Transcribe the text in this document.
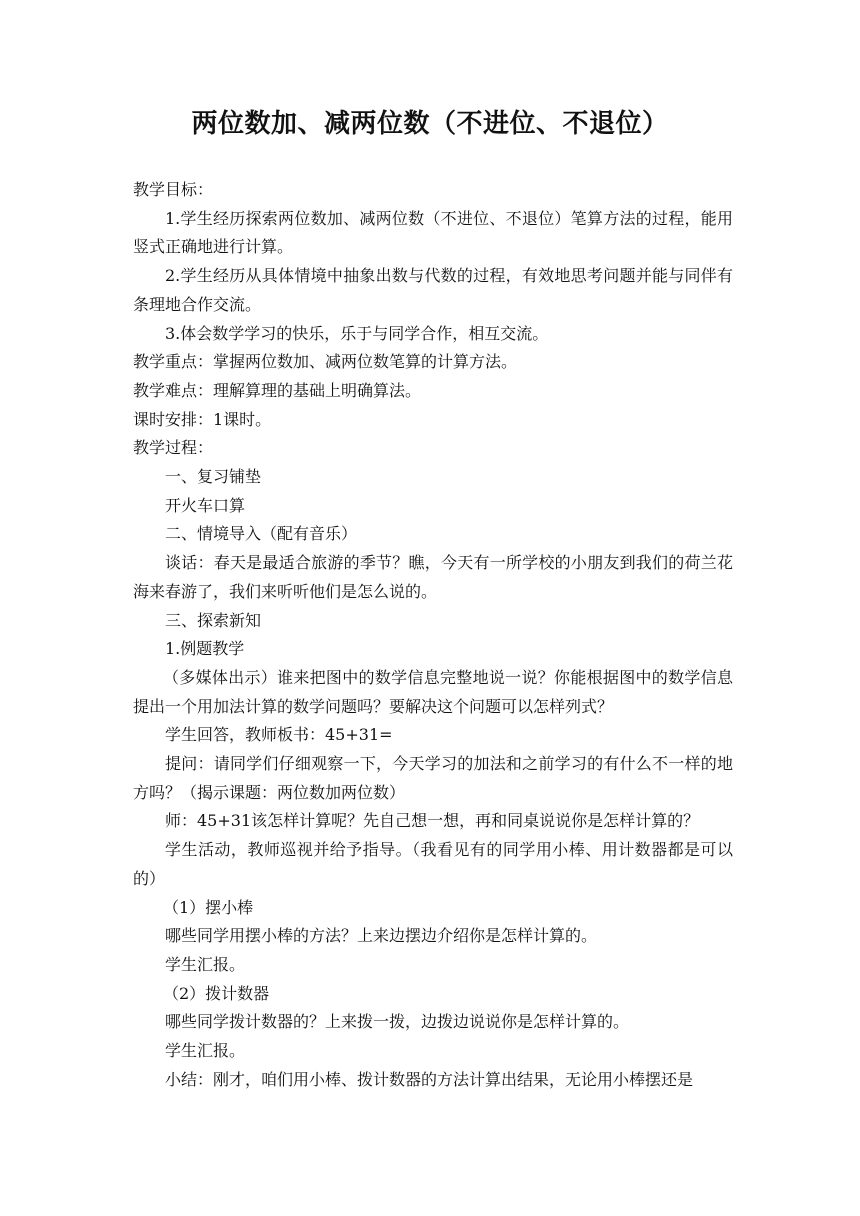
两位数加、减两位数（不进位、不退位）

教学目标：

1.学生经历探索两位数加、减两位数（不进位、不退位）笔算方法的过程，能用竖式正确地进行计算。

2.学生经历从具体情境中抽象出数与代数的过程，有效地思考问题并能与同伴有条理地合作交流。

3.体会数学学习的快乐，乐于与同学合作，相互交流。

教学重点：掌握两位数加、减两位数笔算的计算方法。

教学难点：理解算理的基础上明确算法。

课时安排：1课时。

教学过程：

一、复习铺垫

开火车口算

二、情境导入（配有音乐）

谈话：春天是最适合旅游的季节？瞧，今天有一所学校的小朋友到我们的荷兰花海来春游了，我们来听听他们是怎么说的。

三、探索新知

1.例题教学

（多媒体出示）谁来把图中的数学信息完整地说一说？你能根据图中的数学信息提出一个用加法计算的数学问题吗？要解决这个问题可以怎样列式？

学生回答，教师板书：45+31=

提问：请同学们仔细观察一下，今天学习的加法和之前学习的有什么不一样的地方吗？（揭示课题：两位数加两位数）

师：45+31该怎样计算呢？先自己想一想，再和同桌说说你是怎样计算的？

学生活动，教师巡视并给予指导。（我看见有的同学用小棒、用计数器都是可以的）

（1）摆小棒

哪些同学用摆小棒的方法？上来边摆边介绍你是怎样计算的。

学生汇报。

（2）拨计数器

哪些同学拨计数器的？上来拨一拨，边拨边说说你是怎样计算的。

学生汇报。

小结：刚才，咱们用小棒、拨计数器的方法计算出结果，无论用小棒摆还是
